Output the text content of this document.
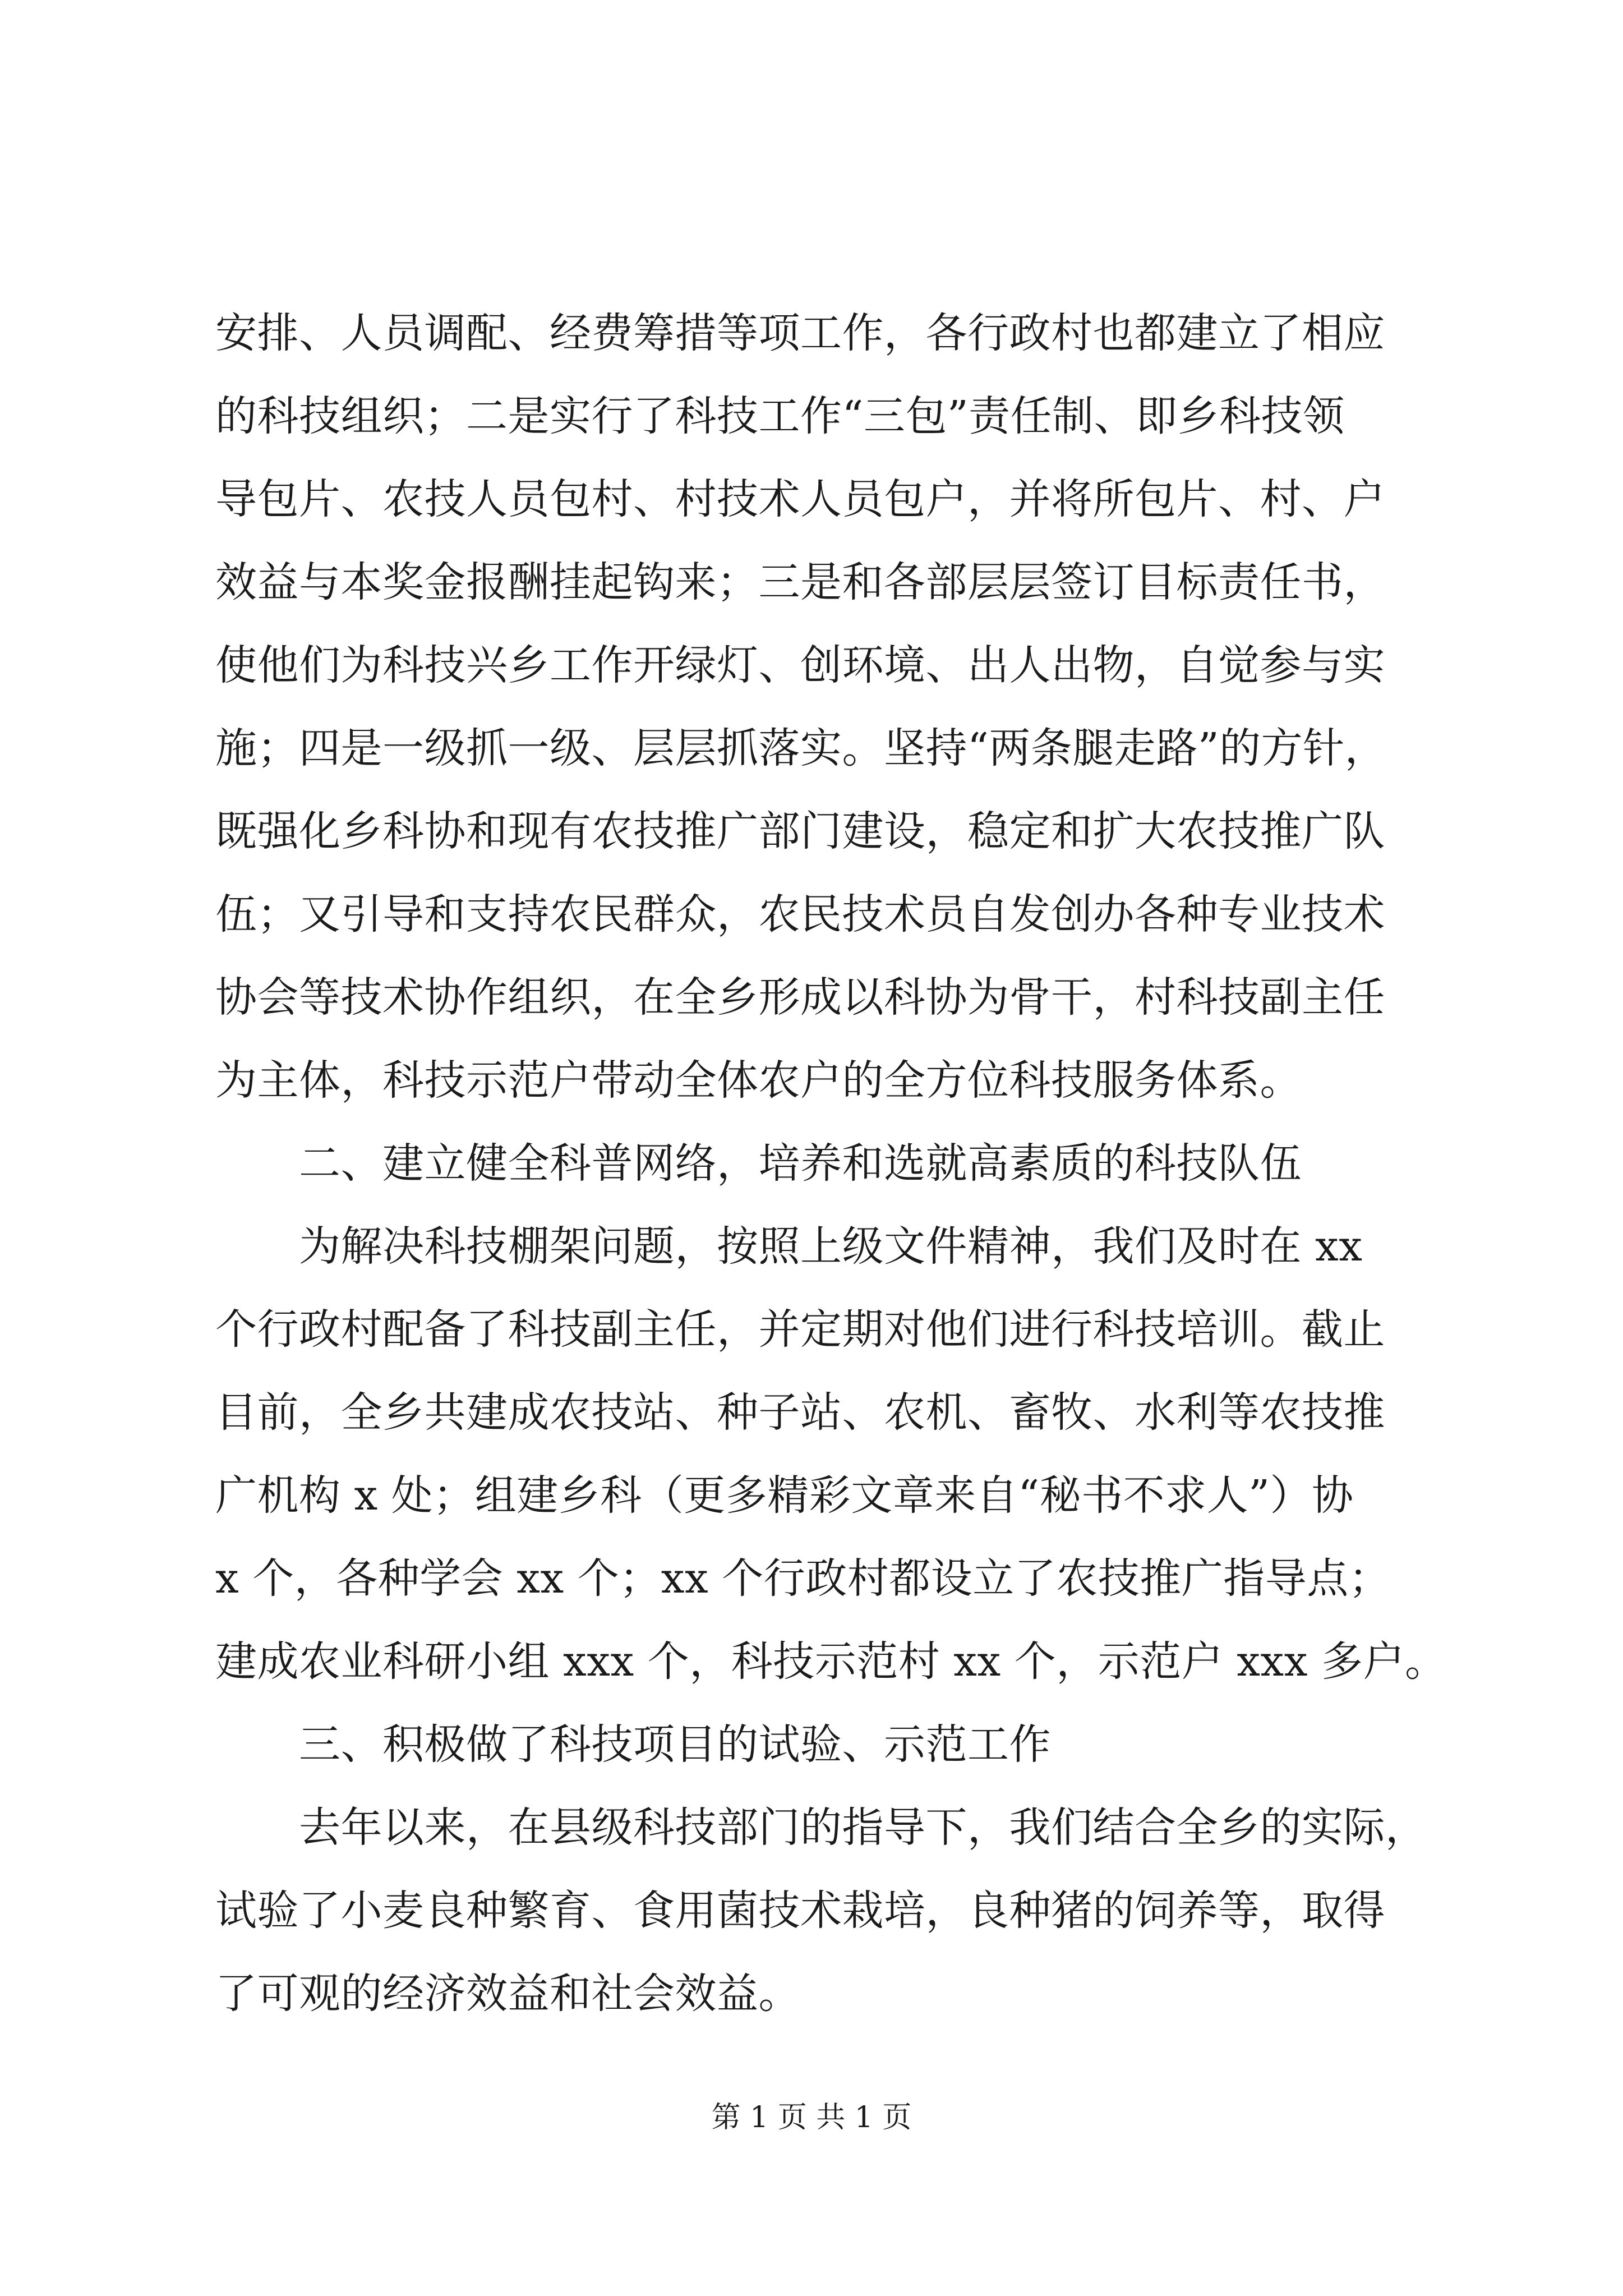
安排、人员调配、经费筹措等项工作，各行政村也都建立了相应
的科技组织；二是实行了科技工作“三包”责任制、即乡科技领
导包片、农技人员包村、村技术人员包户，并将所包片、村、户
效益与本奖金报酬挂起钩来；三是和各部层层签订目标责任书，
使他们为科技兴乡工作开绿灯、创环境、出人出物，自觉参与实
施；四是一级抓一级、层层抓落实。坚持“两条腿走路”的方针，
既强化乡科协和现有农技推广部门建设，稳定和扩大农技推广队
伍；又引导和支持农民群众，农民技术员自发创办各种专业技术
协会等技术协作组织，在全乡形成以科协为骨干，村科技副主任
为主体，科技示范户带动全体农户的全方位科技服务体系。
　　二、建立健全科普网络，培养和选就高素质的科技队伍
　　为解决科技棚架问题，按照上级文件精神，我们及时在 xx
个行政村配备了科技副主任，并定期对他们进行科技培训。截止
目前，全乡共建成农技站、种子站、农机、畜牧、水利等农技推
广机构 x 处；组建乡科（更多精彩文章来自“秘书不求人”）协
x 个，各种学会 xx 个；xx 个行政村都设立了农技推广指导点；
建成农业科研小组 xxx 个，科技示范村 xx 个，示范户 xxx 多户。
　　三、积极做了科技项目的试验、示范工作
　　去年以来，在县级科技部门的指导下，我们结合全乡的实际，
试验了小麦良种繁育、食用菌技术栽培，良种猪的饲养等，取得
了可观的经济效益和社会效益。
第 1 页 共 1 页
